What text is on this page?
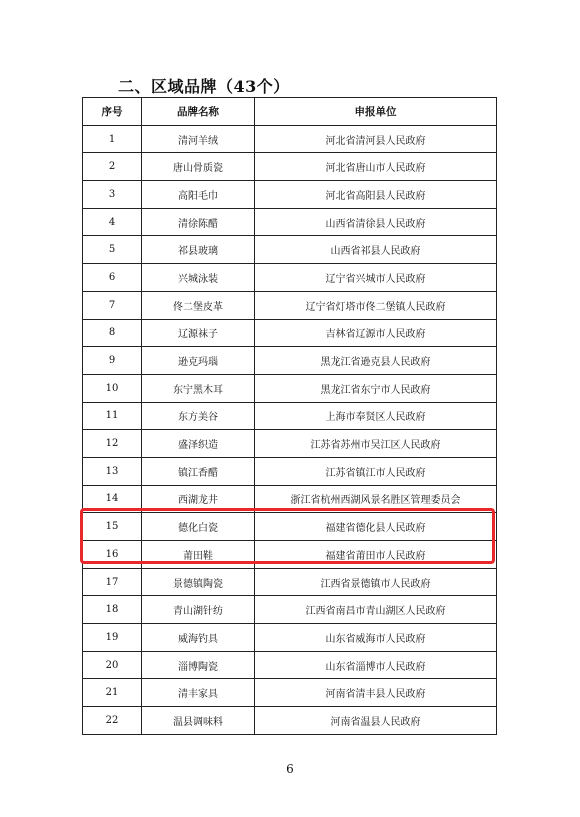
二、区域品牌（43个）
序号	品牌名称	申报单位
1	清河羊绒	河北省清河县人民政府
2	唐山骨质瓷	河北省唐山市人民政府
3	高阳毛巾	河北省高阳县人民政府
4	清徐陈醋	山西省清徐县人民政府
5	祁县玻璃	山西省祁县人民政府
6	兴城泳装	辽宁省兴城市人民政府
7	佟二堡皮革	辽宁省灯塔市佟二堡镇人民政府
8	辽源袜子	吉林省辽源市人民政府
9	逊克玛瑙	黑龙江省逊克县人民政府
10	东宁黑木耳	黑龙江省东宁市人民政府
11	东方美谷	上海市奉贤区人民政府
12	盛泽织造	江苏省苏州市吴江区人民政府
13	镇江香醋	江苏省镇江市人民政府
14	西湖龙井	浙江省杭州西湖风景名胜区管理委员会
15	德化白瓷	福建省德化县人民政府
16	莆田鞋	福建省莆田市人民政府
17	景德镇陶瓷	江西省景德镇市人民政府
18	青山湖针纺	江西省南昌市青山湖区人民政府
19	威海钓具	山东省威海市人民政府
20	淄博陶瓷	山东省淄博市人民政府
21	清丰家具	河南省清丰县人民政府
22	温县调味料	河南省温县人民政府
6
